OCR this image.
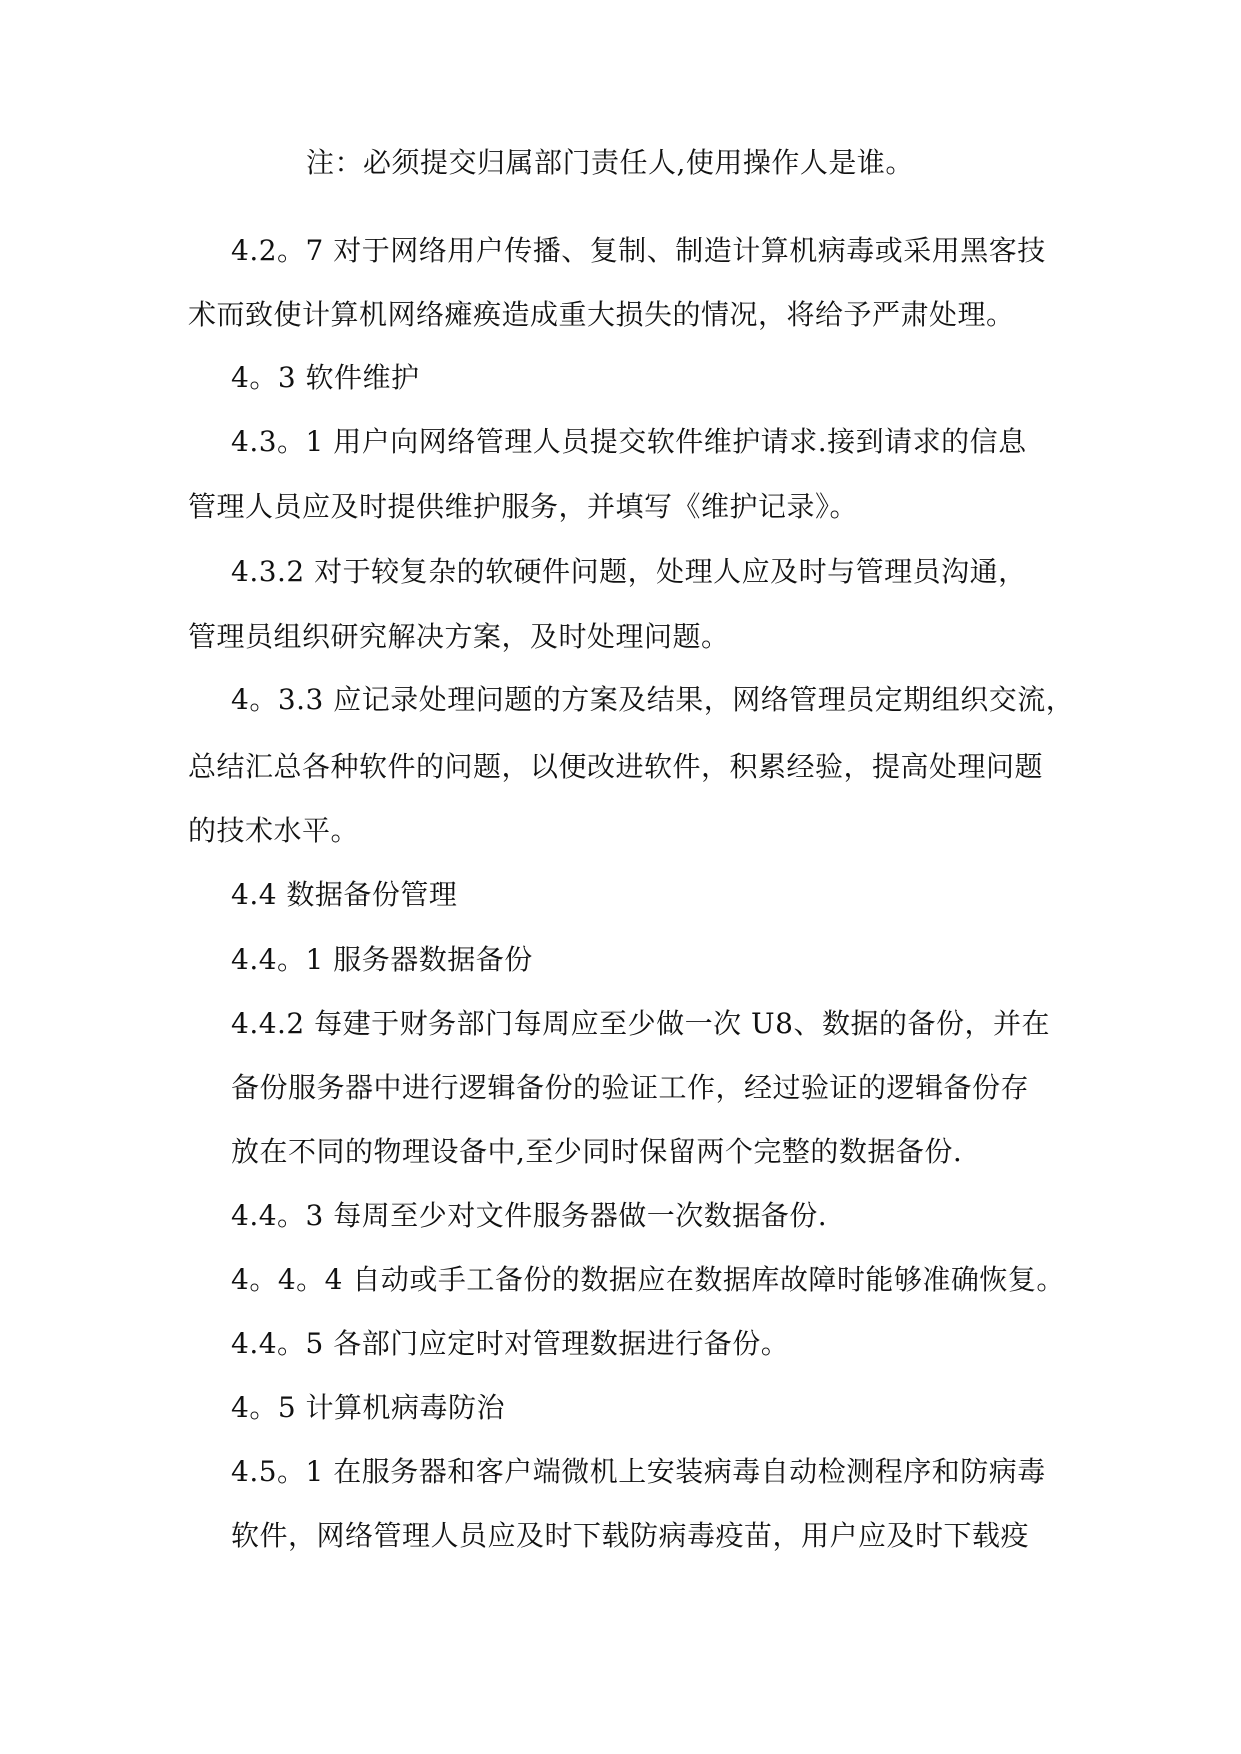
注：必须提交归属部门责任人,使用操作人是谁。

4.2。7 对于网络用户传播、复制、制造计算机病毒或采用黑客技

术而致使计算机网络瘫痪造成重大损失的情况，将给予严肃处理。

4。3 软件维护

4.3。1 用户向网络管理人员提交软件维护请求.接到请求的信息

管理人员应及时提供维护服务，并填写《维护记录》。

4.3.2 对于较复杂的软硬件问题，处理人应及时与管理员沟通，

管理员组织研究解决方案，及时处理问题。

4。3.3 应记录处理问题的方案及结果，网络管理员定期组织交流，

总结汇总各种软件的问题，以便改进软件，积累经验，提高处理问题

的技术水平。

4.4 数据备份管理

4.4。1 服务器数据备份

4.4.2 每建于财务部门每周应至少做一次 U8、数据的备份，并在

备份服务器中进行逻辑备份的验证工作，经过验证的逻辑备份存

放在不同的物理设备中,至少同时保留两个完整的数据备份.

4.4。3 每周至少对文件服务器做一次数据备份.

4。4。4 自动或手工备份的数据应在数据库故障时能够准确恢复。

4.4。5 各部门应定时对管理数据进行备份。

4。5 计算机病毒防治

4.5。1 在服务器和客户端微机上安装病毒自动检测程序和防病毒

软件，网络管理人员应及时下载防病毒疫苗，用户应及时下载疫
